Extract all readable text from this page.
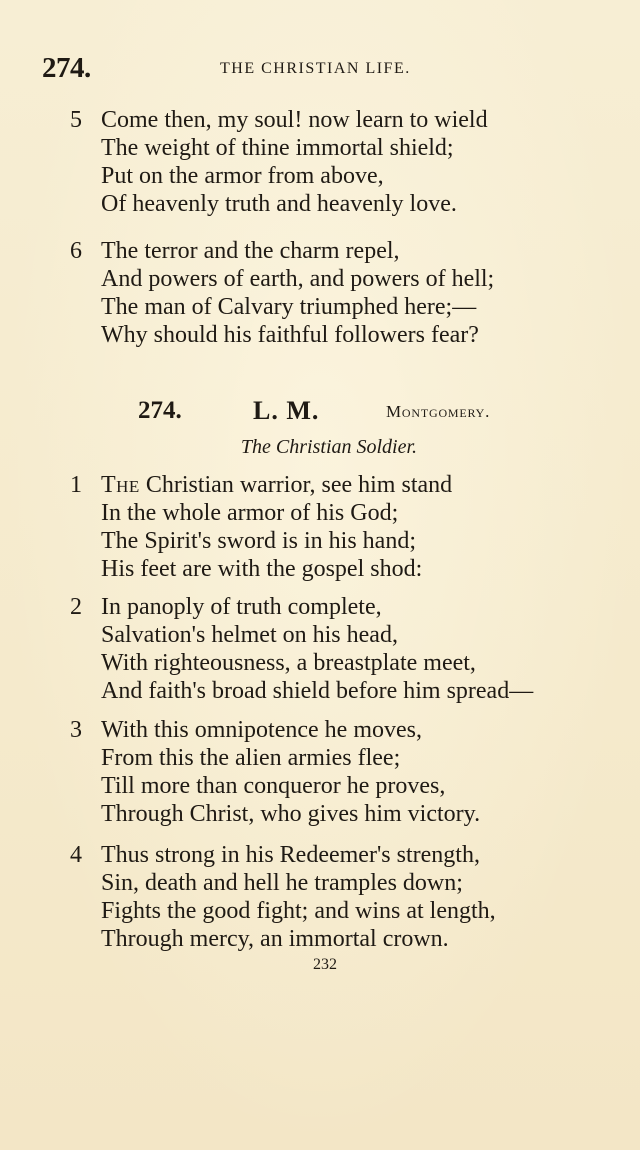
274.	THE CHRISTIAN LIFE.
5 Come then, my soul! now learn to wield
The weight of thine immortal shield;
Put on the armor from above,
Of heavenly truth and heavenly love.
6 The terror and the charm repel,
And powers of earth, and powers of hell;
The man of Calvary triumphed here;—
Why should his faithful followers fear?
274.	L. M.	Montgomery.
The Christian Soldier.
1 The Christian warrior, see him stand
In the whole armor of his God;
The Spirit's sword is in his hand;
His feet are with the gospel shod:
2 In panoply of truth complete,
Salvation's helmet on his head,
With righteousness, a breastplate meet,
And faith's broad shield before him spread—
3 With this omnipotence he moves,
From this the alien armies flee;
Till more than conqueror he proves,
Through Christ, who gives him victory.
4 Thus strong in his Redeemer's strength,
Sin, death and hell he tramples down;
Fights the good fight; and wins at length,
Through mercy, an immortal crown.
232
